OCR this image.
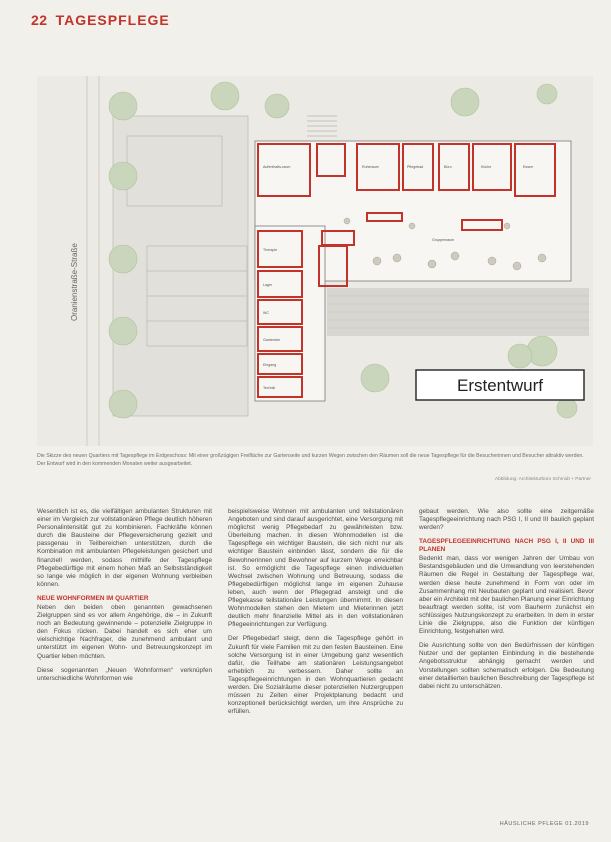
22 TAGESPFLEGE
Oranienstraße-Straße
Aufenthalts-raum	Ruheraum	Pflegebad	Büro	Küche	Essen
Therapie
Lager
WC
Garderobe
Eingang
Technik
Gruppenraum
Erstentwurf
Die Skizze des neuen Quartiers mit Tagespflege im Erdgeschoss: Mit einer großzügigen Freifläche zur Gartenseite und kurzen Wegen zwischen den Räumen soll die neue Tagespflege für die Besucherinnen und Besucher attraktiv werden. Der Entwurf wird in den kommenden Monaten weiter ausgearbeitet.
Abbildung: Architekturbüro Schmidt + Partner

Wesentlich ist es, die vielfältigen ambulanten Strukturen mit einer im Vergleich zur vollstationären Pflege deutlich höheren Personalintensität gut zu kombinieren. Fachkräfte können durch die Bausteine der Pflegeversicherung gezielt und passgenau in Teilbereichen unterstützen, durch die Kombination mit ambulanten Pflegeleistungen gesichert und finanziell werden, sodass mithilfe der Tagespflege Pflegebedürftige mit einem hohen Maß an Selbstständigkeit so lange wie möglich in der eigenen Wohnung verbleiben können.

NEUE WOHNFORMEN IM QUARTIER

Neben den beiden oben genannten gewachsenen Zielgruppen sind es vor allem Angehörige, die – in Zukunft noch an Bedeutung gewinnende – potenzielle Zielgruppe in den Fokus rücken. Dabei handelt es sich eher um vielschichtige Nachfrager, die zunehmend ambulant und unterstützt im eigenen Wohn- und Betreuungskonzept im Quartier leben möchten.

Diese sogenannten „Neuen Wohnformen“ verknüpfen unterschiedliche Wohnformen wie

beispielsweise Wohnen mit ambulanten und teilstationären Angeboten und sind darauf ausgerichtet, eine Versorgung mit möglichst wenig Pflegebedarf zu gewährleisten bzw. Überleitung machen. In diesen Wohnmodellen ist die Tagespflege ein wichtiger Baustein, die sich nicht nur als wichtiger Baustein einbinden lässt, sondern die für die Bewohnerinnen und Bewohner auf kurzem Wege erreichbar ist. So ermöglicht die Tagespflege einen individuellen Wechsel zwischen Wohnung und Betreuung, sodass die Pflegebedürftigen möglichst lange im eigenen Zuhause leben, auch wenn der Pflegegrad ansteigt und die Pflegekasse teilstationäre Leistungen übernimmt. In diesen Wohnmodellen stehen den Mietern und Mieterinnen jetzt deutlich mehr finanzielle Mittel als in den vollstationären Pflegeeinrichtungen zur Verfügung.

Der Pflegebedarf steigt, denn die Tagespflege gehört in Zukunft für viele Familien mit zu den festen Bausteinen. Eine solche Versorgung ist in einer Umgebung ganz wesentlich dafür, die Teilhabe am stationären Leistungsangebot erheblich zu verbessern. Daher sollte an Tagespflegeeinrichtungen in den Wohnquartieren gedacht werden. Die Sozialräume dieser potenziellen Nutzergruppen müssen zu Zeiten einer Projektplanung bedacht und konzeptionell berücksichtigt werden, um ihre Ansprüche zu erfüllen.

gebaut werden. Wie also sollte eine zeitgemäße Tagespflegeeinrichtung nach PSG I, II und III baulich geplant werden?

TAGESPFLEGEEINRICHTUNG NACH PSG I, II UND III PLANEN

Bedenkt man, dass vor wenigen Jahren der Umbau von Bestandsgebäuden und die Umwandlung von leerstehenden Räumen die Regel in Gestaltung der Tagespflege war, werden diese heute zunehmend in Form von oder im Zusammenhang mit Neubauten geplant und realisiert. Bevor aber ein Architekt mit der baulichen Planung einer Einrichtung beauftragt werden sollte, ist vom Bauherrn zunächst ein schlüssiges Nutzungskonzept zu erarbeiten. In dem in erster Linie die Zielgruppe, also die Funktion der künftigen Einrichtung, festgehalten wird.

Die Ausrichtung sollte von den Bedürfnissen der künftigen Nutzer und der geplanten Einbindung in die bestehende Angebotsstruktur abhängig gemacht werden und Vorstellungen sollten schematisch erfolgen. Die Bedeutung einer detaillierten baulichen Beschreibung der Tagespflege ist dabei nicht zu unterschätzen.

HÄUSLICHE PFLEGE 01.2019
